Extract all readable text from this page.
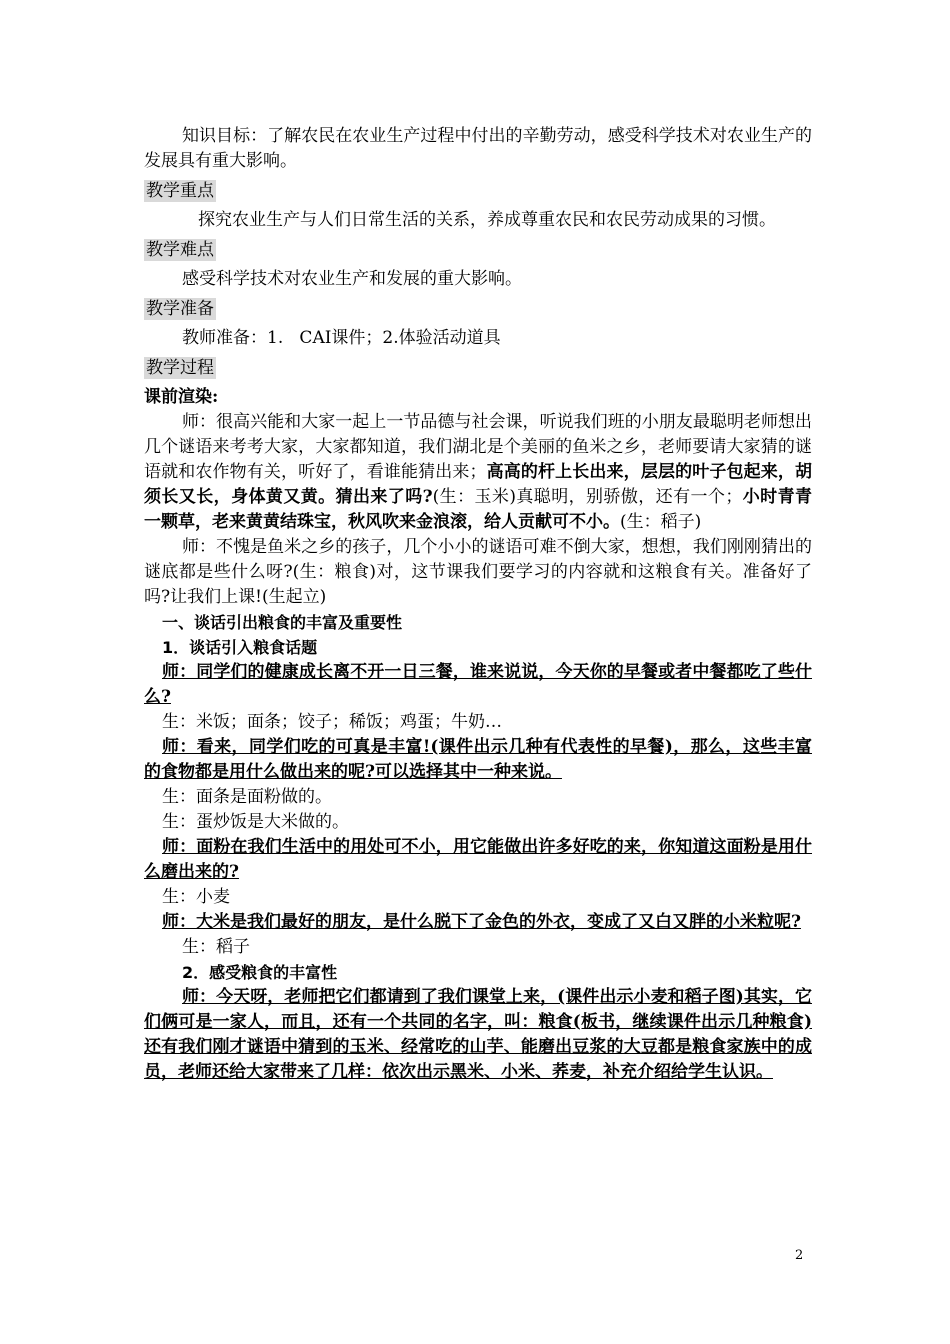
知识目标：了解农民在农业生产过程中付出的辛勤劳动，感受科学技术对农业生产的发展具有重大影响。

教学重点

探究农业生产与人们日常生活的关系，养成尊重农民和农民劳动成果的习惯。

教学难点

感受科学技术对农业生产和发展的重大影响。

教学准备

教师准备：1.   CAI课件；2.体验活动道具

教学过程

课前渲染:

师：很高兴能和大家一起上一节品德与社会课，听说我们班的小朋友最聪明老师想出几个谜语来考考大家，大家都知道，我们湖北是个美丽的鱼米之乡，老师要请大家猜的谜语就和农作物有关，听好了，看谁能猜出来；高高的杆上长出来，层层的叶子包起来，胡须长又长，身体黄又黄。猜出来了吗?(生：玉米)真聪明，别骄傲，还有一个；小时青青一颗草，老来黄黄结珠宝，秋风吹来金浪滚，给人贡献可不小。(生：稻子)

师：不愧是鱼米之乡的孩子，几个小小的谜语可难不倒大家，想想，我们刚刚猜出的谜底都是些什么呀?(生：粮食)对，这节课我们要学习的内容就和这粮食有关。准备好了吗?让我们上课!(生起立)

一、谈话引出粮食的丰富及重要性

1．谈话引入粮食话题

师：同学们的健康成长离不开一日三餐，谁来说说，今天你的早餐或者中餐都吃了些什么?

生：米饭；面条；饺子；稀饭；鸡蛋；牛奶…

师：看来，同学们吃的可真是丰富!(课件出示几种有代表性的早餐)，那么，这些丰富的食物都是用什么做出来的呢?可以选择其中一种来说。

生：面条是面粉做的。

生：蛋炒饭是大米做的。

师：面粉在我们生活中的用处可不小，用它能做出许多好吃的来，你知道这面粉是用什么磨出来的?

生：小麦

师：大米是我们最好的朋友，是什么脱下了金色的外衣，变成了又白又胖的小米粒呢?

生：稻子

2．感受粮食的丰富性

师：今天呀，老师把它们都请到了我们课堂上来，(课件出示小麦和稻子图)其实，它们俩可是一家人，而且，还有一个共同的名字，叫：粮食(板书，继续课件出示几种粮食)还有我们刚才谜语中猜到的玉米、经常吃的山芋、能磨出豆浆的大豆都是粮食家族中的成员，老师还给大家带来了几样：依次出示黑米、小米、荞麦，补充介绍给学生认识。

2
